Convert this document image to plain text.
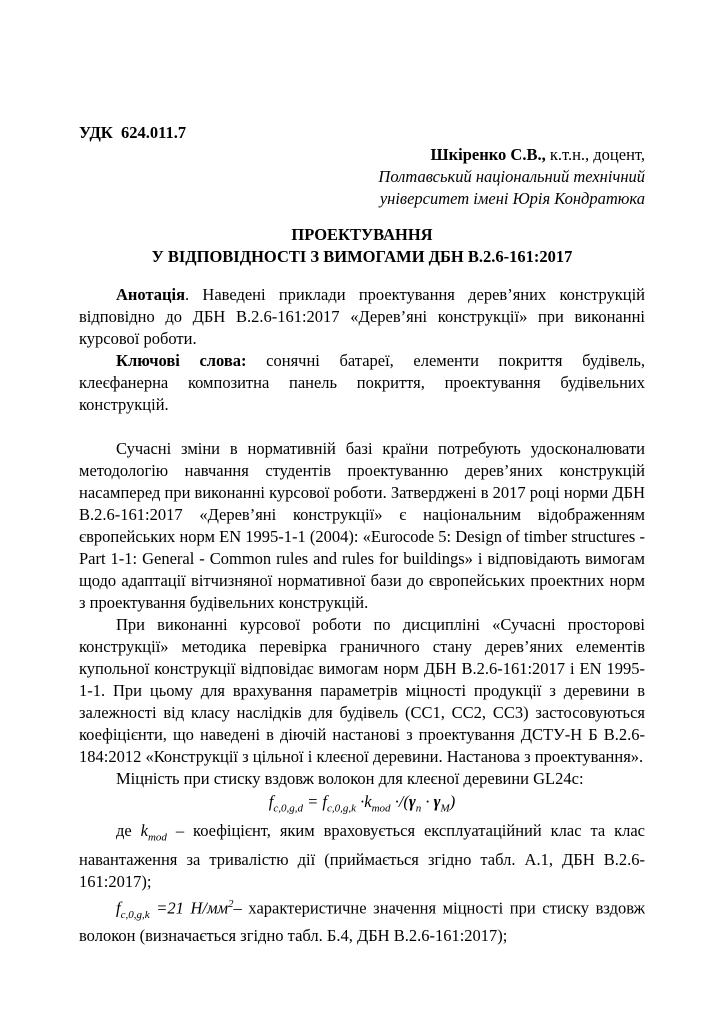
УДК  624.011.7
Шкіренко С.В., к.т.н., доцент,
Полтавський національний технічний
університет імені Юрія Кондратюка
ПРОЕКТУВАННЯ
У ВІДПОВІДНОСТІ З ВИМОГАМИ ДБН В.2.6-161:2017

Анотація. Наведені приклади проектування дерев’яних конструкцій відповідно до ДБН В.2.6-161:2017 «Дерев’яні конструкції» при виконанні курсової роботи.

Ключові слова: сонячні батареї, елементи покриття будівель, клеєфанерна композитна панель покриття, проектування будівельних конструкцій.

Сучасні зміни в нормативній базі країни потребують удосконалювати методологію навчання студентів проектуванню дерев’яних конструкцій насамперед при виконанні курсової роботи. Затверджені в 2017 році норми ДБН В.2.6-161:2017 «Дерев’яні конструкції» є національним відображенням європейських норм EN 1995-1-1 (2004): «Eurocode 5: Design of timber structures - Part 1-1: General - Common rules and rules for buildings» і відповідають вимогам щодо адаптації вітчизняної нормативної бази до європейських проектних норм з проектування будівельних конструкцій.

При виконанні курсової роботи по дисципліні «Сучасні просторові конструкції» методика перевірка граничного стану дерев’яних елементів купольної конструкції відповідає вимогам норм ДБН В.2.6-161:2017 і EN 1995-1-1. При цьому для врахування параметрів міцності продукції з деревини в залежності від класу наслідків для будівель (СС1, СС2, СС3) застосовуються коефіцієнти, що наведені в діючій настанові з проектування ДСТУ-Н Б В.2.6-184:2012 «Конструкції з цільної і клеєної деревини. Настанова з проектування».

Міцність при стиску вздовж волокон для клеєної деревини GL24с:

$f_{c,0,g,d} = f_{c,0,g,k} \cdot k_{mod} \cdot/(\gamma_n \cdot \gamma_M)$

де $k_{mod}$ – коефіцієнт, яким враховується експлуатаційний клас та клас навантаження за тривалістю дії (приймається згідно табл. А.1, ДБН В.2.6-161:2017);

$f_{c,0,g,k} =21$ $Н/мм^2-$ характеристичне значення міцності при стиску вздовж волокон (визначається згідно табл. Б.4, ДБН В.2.6-161:2017);
